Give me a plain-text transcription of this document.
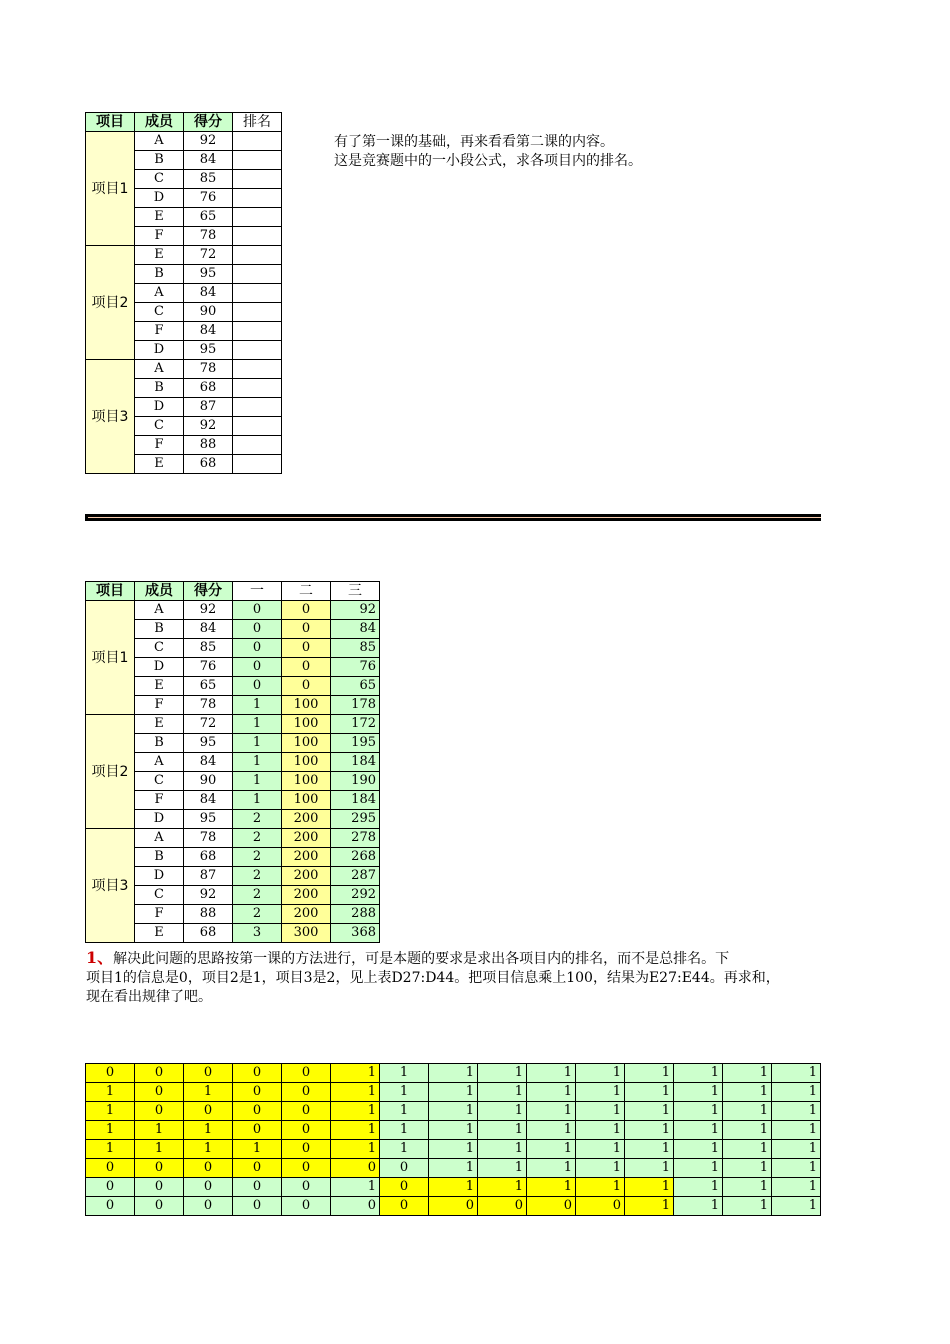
项目	成员	得分	排名
项目1	A	92	
	B	84	
	C	85	
	D	76	
	E	65	
	F	78	
项目2	E	72	
	B	95	
	A	84	
	C	90	
	F	84	
	D	95	
项目3	A	78	
	B	68	
	D	87	
	C	92	
	F	88	
	E	68	
有了第一课的基础，再来看看第二课的内容。
这是竞赛题中的一小段公式，求各项目内的排名。
项目	成员	得分	一	二	三
项目1	A	92	0	0	92
	B	84	0	0	84
	C	85	0	0	85
	D	76	0	0	76
	E	65	0	0	65
	F	78	1	100	178
项目2	E	72	1	100	172
	B	95	1	100	195
	A	84	1	100	184
	C	90	1	100	190
	F	84	1	100	184
	D	95	2	200	295
项目3	A	78	2	200	278
	B	68	2	200	268
	D	87	2	200	287
	C	92	2	200	292
	F	88	2	200	288
	E	68	3	300	368
1、解决此问题的思路按第一课的方法进行，可是本题的要求是求出各项目内的排名，而不是总排名。下
项目1的信息是0，项目2是1，项目3是2，见上表D27:D44。把项目信息乘上100，结果为E27:E44。再求和，
现在看出规律了吧。
0	0	0	0	0	1	1	1	1	1	1	1	1	1	1
1	0	1	0	0	1	1	1	1	1	1	1	1	1	1
1	0	0	0	0	1	1	1	1	1	1	1	1	1	1
1	1	1	0	0	1	1	1	1	1	1	1	1	1	1
1	1	1	1	0	1	1	1	1	1	1	1	1	1	1
0	0	0	0	0	0	0	1	1	1	1	1	1	1	1
0	0	0	0	0	1	0	1	1	1	1	1	1	1	1
0	0	0	0	0	0	0	0	0	0	0	1	1	1	1
